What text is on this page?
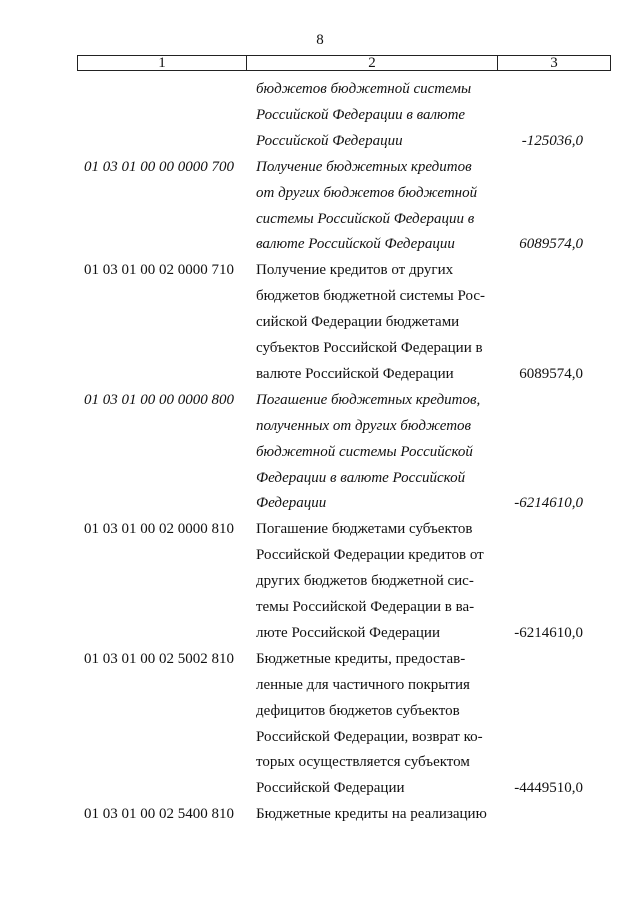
8
1	2	3
бюджетов бюджетной системы
Российской Федерации в валюте
Российской Федерации	-125036,0
01 03 01 00 00 0000 700 Получение бюджетных кредитов
от других бюджетов бюджетной
системы Российской Федерации в
валюте Российской Федерации	6089574,0
01 03 01 00 02 0000 710 Получение кредитов от других
бюджетов бюджетной системы Рос-
сийской Федерации бюджетами
субъектов Российской Федерации в
валюте Российской Федерации	6089574,0
01 03 01 00 00 0000 800 Погашение бюджетных кредитов,
полученных от других бюджетов
бюджетной системы Российской
Федерации в валюте Российской
Федерации	-6214610,0
01 03 01 00 02 0000 810 Погашение бюджетами субъектов
Российской Федерации кредитов от
других бюджетов бюджетной сис-
темы Российской Федерации в ва-
люте Российской Федерации	-6214610,0
01 03 01 00 02 5002 810 Бюджетные кредиты, предостав-
ленные для частичного покрытия
дефицитов бюджетов субъектов
Российской Федерации, возврат ко-
торых осуществляется субъектом
Российской Федерации	-4449510,0
01 03 01 00 02 5400 810 Бюджетные кредиты на реализацию
